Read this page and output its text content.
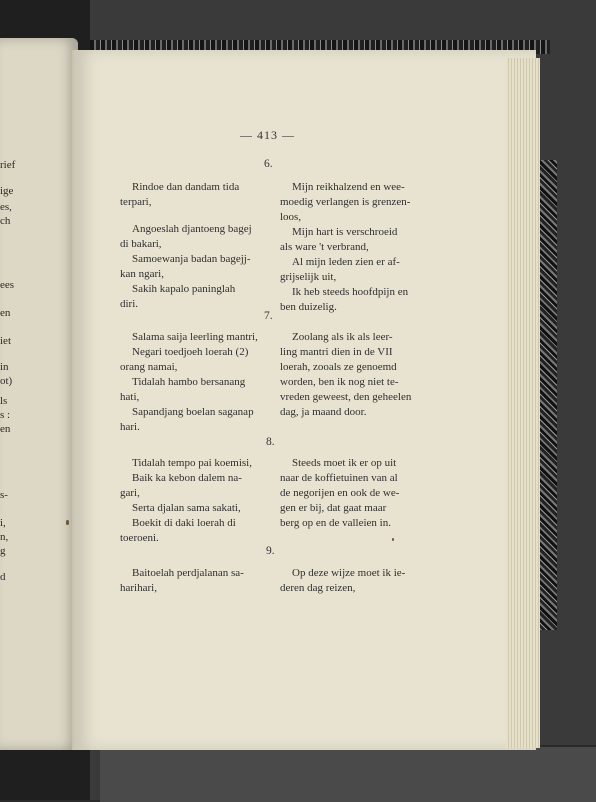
rief
ige
es,
ch
ees
en
iet
in
ot)
ls
s :
en
s-
i,
n,
g
d
— 413 —
6.
Rindoe dan dandam tida
terpari,
Angoeslah djantoeng bagej
di bakari,
Samoewanja badan bagejj-
kan ngari,
Sakih kapalo paninglah
diri.
Mijn reikhalzend en wee-
moedig verlangen is grenzen-
loos,
Mijn hart is verschroeid
als ware 't verbrand,
Al mijn leden zien er af-
grijselijk uit,
Ik heb steeds hoofdpijn en
ben duizelig.
7.
Salama saija leerling mantri,
Negari toedjoeh loerah (2)
orang namai,
Tidalah hambo bersanang
hati,
Sapandjang boelan saganap
hari.
Zoolang als ik als leer-
ling mantri dien in de VII
loerah, zooals ze genoemd
worden, ben ik nog niet te-
vreden geweest, den geheelen
dag, ja maand door.
8.
Tidalah tempo pai koemisi,
Baik ka kebon dalem na-
gari,
Serta djalan sama sakati,
Boekit di daki loerah di
toeroeni.
Steeds moet ik er op uit
naar de koffietuinen van al
de negorijen en ook de we-
gen er bij, dat gaat maar
berg op en de valleien in.
9.
Baitoelah perdjalanan sa-
harihari,
Op deze wijze moet ik ie-
deren dag reizen,
